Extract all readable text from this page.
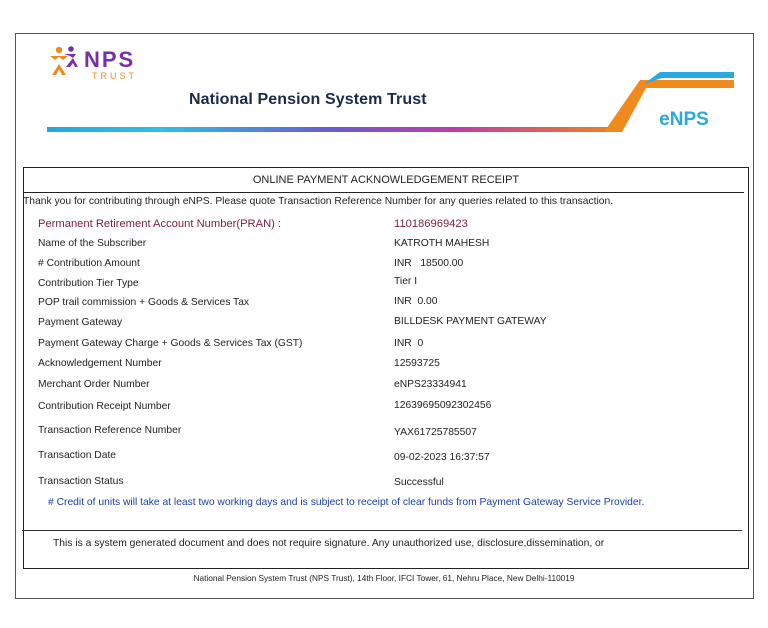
NPS
TRUST
National Pension System Trust
eNPS
ONLINE PAYMENT ACKNOWLEDGEMENT RECEIPT
Thank you for contributing through eNPS. Please quote Transaction Reference Number for any queries related to this transaction.
Permanent Retirement Account Number(PRAN) :	110186969423
Name of the Subscriber	KATROTH MAHESH
# Contribution Amount	INR   18500.00
Contribution Tier Type	Tier I
POP trail commission + Goods & Services Tax	INR  0.00
Payment Gateway	BILLDESK PAYMENT GATEWAY
Payment Gateway Charge + Goods & Services Tax (GST)	INR  0
Acknowledgement Number	12593725
Merchant Order Number	eNPS23334941
Contribution Receipt Number	12639695092302456
Transaction Reference Number	YAX61725785507
Transaction Date	09-02-2023 16:37:57
Transaction Status	Successful
# Credit of units will take at least two working days and is subject to receipt of clear funds from Payment Gateway Service Provider.
This is a system generated document and does not require signature. Any unauthorized use, disclosure,dissemination, or
National Pension System Trust (NPS Trust), 14th Floor, IFCI Tower, 61, Nehru Place, New Delhi-110019
